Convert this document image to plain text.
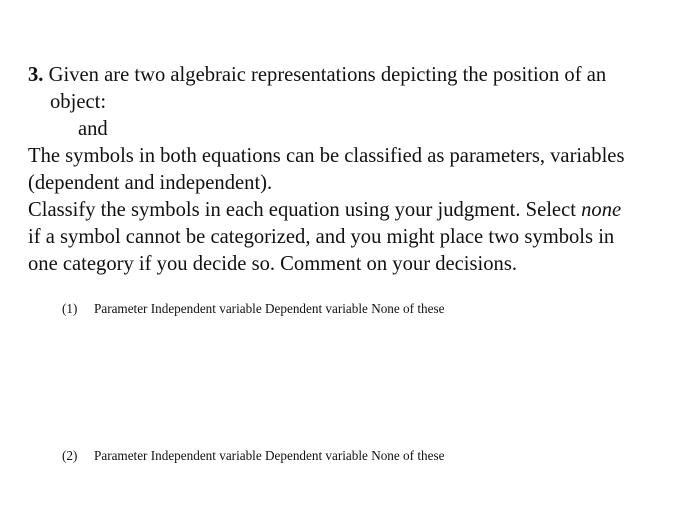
3. Given are two algebraic representations depicting the position of an
object:
and
The symbols in both equations can be classified as parameters, variables
(dependent and independent).
Classify the symbols in each equation using your judgment. Select none
if a symbol cannot be categorized, and you might place two symbols in
one category if you decide so. Comment on your decisions.
(1) Parameter Independent variable Dependent variable None of these
(2) Parameter Independent variable Dependent variable None of these
